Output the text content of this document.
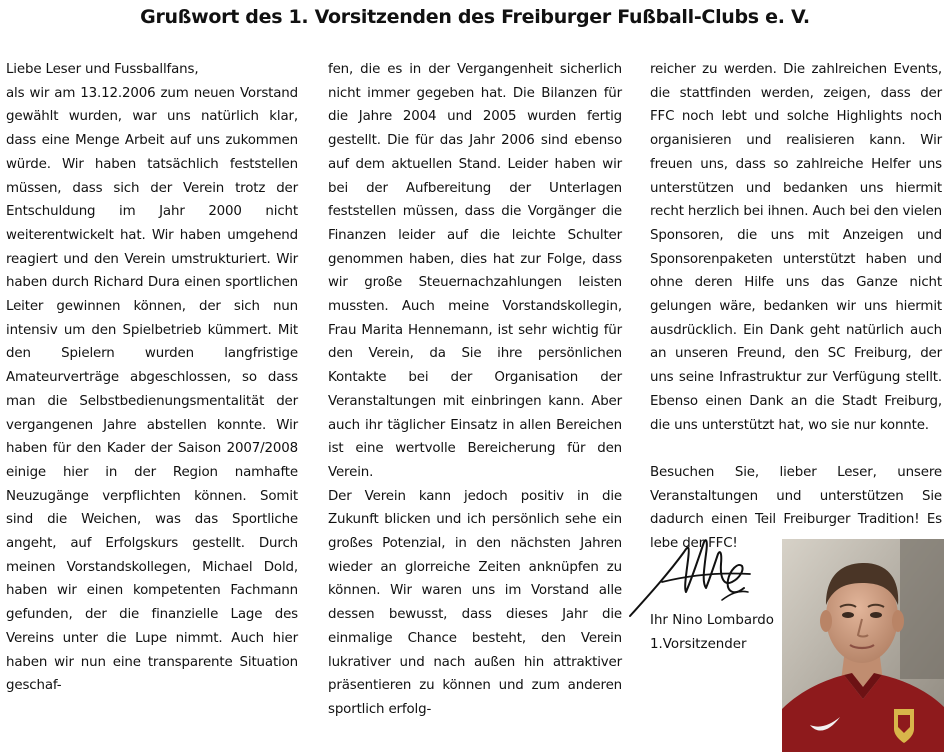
Grußwort des 1. Vorsitzenden des Freiburger Fußball-Clubs e. V.

Liebe Leser und Fussballfans,

als wir am 13.12.2006 zum neuen Vorstand gewählt wurden, war uns natürlich klar, dass eine Menge Arbeit auf uns zukommen würde. Wir haben tatsächlich feststellen müssen, dass sich der Verein trotz der Entschuldung im Jahr 2000 nicht weiterentwickelt hat. Wir haben umgehend reagiert und den Verein umstrukturiert. Wir haben durch Richard Dura einen sportlichen Leiter gewinnen können, der sich nun intensiv um den Spielbetrieb kümmert. Mit den Spielern wurden langfristige Amateurverträge abgeschlossen, so dass man die Selbstbedienungsmentalität der vergangenen Jahre abstellen konnte. Wir haben für den Kader der Saison 2007/2008 einige hier in der Region namhafte Neuzugänge verpflichten können. Somit sind die Weichen, was das Sportliche angeht, auf Erfolgskurs gestellt. Durch meinen Vorstandskollegen, Michael Dold, haben wir einen kompetenten Fachmann gefunden, der die finanzielle Lage des Vereins unter die Lupe nimmt. Auch hier haben wir nun eine transparente Situation geschaf-

fen, die es in der Vergangenheit sicherlich nicht immer gegeben hat. Die Bilanzen für die Jahre 2004 und 2005 wurden fertig gestellt. Die für das Jahr 2006 sind ebenso auf dem aktuellen Stand. Leider haben wir bei der Aufbereitung der Unterlagen feststellen müssen, dass die Vorgänger die Finanzen leider auf die leichte Schulter genommen haben, dies hat zur Folge, dass wir große Steuernachzahlungen leisten mussten. Auch meine Vorstandskollegin, Frau Marita Hennemann, ist sehr wichtig für den Verein, da Sie ihre persönlichen Kontakte bei der Organisation der Veranstaltungen mit einbringen kann. Aber auch ihr täglicher Einsatz in allen Bereichen ist eine wertvolle Bereicherung für den Verein.

Der Verein kann jedoch positiv in die Zukunft blicken und ich persönlich sehe ein großes Potenzial, in den nächsten Jahren wieder an glorreiche Zeiten anknüpfen zu können. Wir waren uns im Vorstand alle dessen bewusst, dass dieses Jahr die einmalige Chance besteht, den Verein lukrativer und nach außen hin attraktiver präsentieren zu können und zum anderen sportlich erfolg-

reicher zu werden. Die zahlreichen Events, die stattfinden werden, zeigen, dass der FFC noch lebt und solche Highlights noch organisieren und realisieren kann. Wir freuen uns, dass so zahlreiche Helfer uns unterstützen und bedanken uns hiermit recht herzlich bei ihnen. Auch bei den vielen Sponsoren, die uns mit Anzeigen und Sponsorenpaketen unterstützt haben und ohne deren Hilfe uns das Ganze nicht gelungen wäre, bedanken wir uns hiermit ausdrücklich. Ein Dank geht natürlich auch an unseren Freund, den SC Freiburg, der uns seine Infrastruktur zur Verfügung stellt. Ebenso einen Dank an die Stadt Freiburg, die uns unterstützt hat, wo sie nur konnte.

Besuchen Sie, lieber Leser, unsere Veranstaltungen und unterstützen Sie dadurch einen Teil Freiburger Tradition! Es lebe der FFC!

Ihr Nino Lombardo
1.Vorsitzender
